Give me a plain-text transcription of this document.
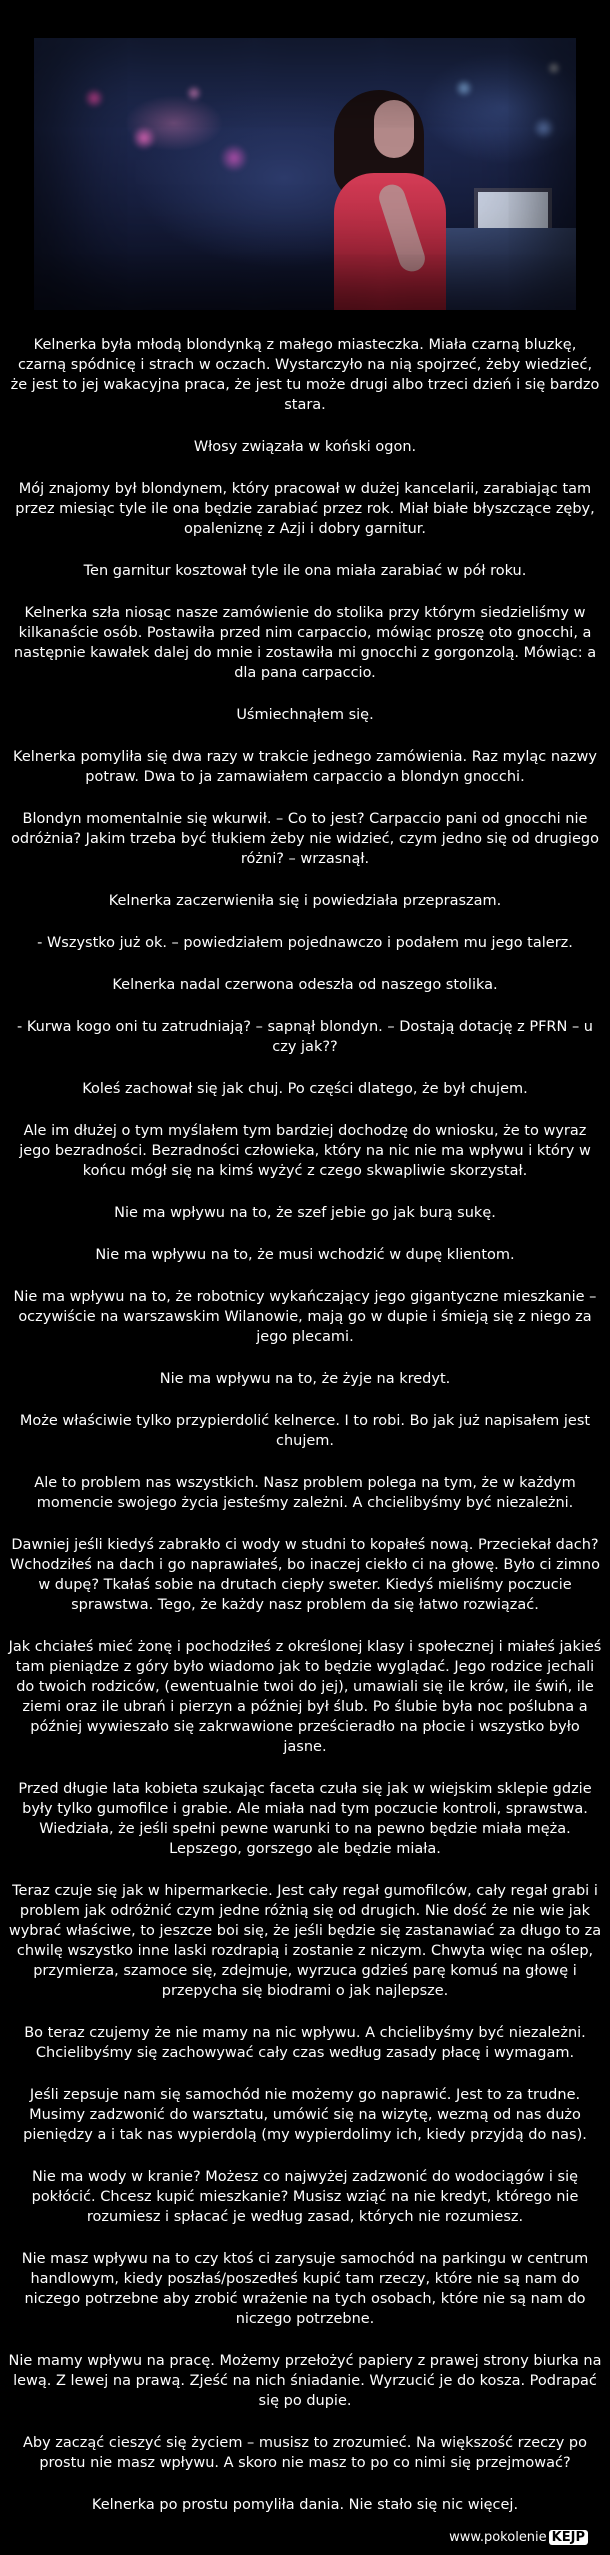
Kelnerka była młodą blondynką z małego miasteczka. Miała czarną bluzkę, czarną spódnicę i strach w oczach. Wystarczyło na nią spojrzeć, żeby wiedzieć, że jest to jej wakacyjna praca, że jest tu może drugi albo trzeci dzień i się bardzo stara.

Włosy związała w koński ogon.

Mój znajomy był blondynem, który pracował w dużej kancelarii, zarabiając tam przez miesiąc tyle ile ona będzie zarabiać przez rok. Miał białe błyszczące zęby, opaleniznę z Azji i dobry garnitur.

Ten garnitur kosztował tyle ile ona miała zarabiać w pół roku.

Kelnerka szła niosąc nasze zamówienie do stolika przy którym siedzieliśmy w kilkanaście osób. Postawiła przed nim carpaccio, mówiąc proszę oto gnocchi, a następnie kawałek dalej do mnie i zostawiła mi gnocchi z gorgonzolą. Mówiąc: a dla pana carpaccio.

Uśmiechnąłem się.

Kelnerka pomyliła się dwa razy w trakcie jednego zamówienia. Raz myląc nazwy potraw. Dwa to ja zamawiałem carpaccio a blondyn gnocchi.

Blondyn momentalnie się wkurwił. – Co to jest? Carpaccio pani od gnocchi nie odróżnia? Jakim trzeba być tłukiem żeby nie widzieć, czym jedno się od drugiego różni? – wrzasnął.

Kelnerka zaczerwieniła się i powiedziała przepraszam.

- Wszystko już ok. – powiedziałem pojednawczo i podałem mu jego talerz.

Kelnerka nadal czerwona odeszła od naszego stolika.

- Kurwa kogo oni tu zatrudniają? – sapnął blondyn. – Dostają dotację z PFRN – u czy jak??

Koleś zachował się jak chuj. Po części dlatego, że był chujem.

Ale im dłużej o tym myślałem tym bardziej dochodzę do wniosku, że to wyraz jego bezradności. Bezradności człowieka, który na nic nie ma wpływu i który w końcu mógł się na kimś wyżyć z czego skwapliwie skorzystał.

Nie ma wpływu na to, że szef jebie go jak burą sukę.

Nie ma wpływu na to, że musi wchodzić w dupę klientom.

Nie ma wpływu na to, że robotnicy wykańczający jego gigantyczne mieszkanie – oczywiście na warszawskim Wilanowie, mają go w dupie i śmieją się z niego za jego plecami.

Nie ma wpływu na to, że żyje na kredyt.

Może właściwie tylko przypierdolić kelnerce. I to robi. Bo jak już napisałem jest chujem.

Ale to problem nas wszystkich. Nasz problem polega na tym, że w każdym momencie swojego życia jesteśmy zależni. A chcielibyśmy być niezależni.

Dawniej jeśli kiedyś zabrakło ci wody w studni to kopałeś nową. Przeciekał dach? Wchodziłeś na dach i go naprawiałeś, bo inaczej ciekło ci na głowę. Było ci zimno w dupę? Tkałaś sobie na drutach ciepły sweter. Kiedyś mieliśmy poczucie sprawstwa. Tego, że każdy nasz problem da się łatwo rozwiązać.

Jak chciałeś mieć żonę i pochodziłeś z określonej klasy i społecznej i miałeś jakieś tam pieniądze z góry było wiadomo jak to będzie wyglądać. Jego rodzice jechali do twoich rodziców, (ewentualnie twoi do jej), umawiali się ile krów, ile świń, ile ziemi oraz ile ubrań i pierzyn a później był ślub. Po ślubie była noc poślubna a później wywieszało się zakrwawione prześcieradło na płocie i wszystko było jasne.

Przed długie lata kobieta szukając faceta czuła się jak w wiejskim sklepie gdzie były tylko gumofilce i grabie. Ale miała nad tym poczucie kontroli, sprawstwa. Wiedziała, że jeśli spełni pewne warunki to na pewno będzie miała męża. Lepszego, gorszego ale będzie miała.

Teraz czuje się jak w hipermarkecie. Jest cały regał gumofilców, cały regał grabi i problem jak odróżnić czym jedne różnią się od drugich. Nie dość że nie wie jak wybrać właściwe, to jeszcze boi się, że jeśli będzie się zastanawiać za długo to za chwilę wszystko inne laski rozdrapią i zostanie z niczym. Chwyta więc na oślep, przymierza, szamoce się, zdejmuje, wyrzuca gdzieś parę komuś na głowę i przepycha się biodrami o jak najlepsze.

Bo teraz czujemy że nie mamy na nic wpływu. A chcielibyśmy być niezależni. Chcielibyśmy się zachowywać cały czas według zasady płacę i wymagam.

Jeśli zepsuje nam się samochód nie możemy go naprawić. Jest to za trudne. Musimy zadzwonić do warsztatu, umówić się na wizytę, wezmą od nas dużo pieniędzy a i tak nas wypierdolą (my wypierdolimy ich, kiedy przyjdą do nas).

Nie ma wody w kranie? Możesz co najwyżej zadzwonić do wodociągów i się pokłócić. Chcesz kupić mieszkanie? Musisz wziąć na nie kredyt, którego nie rozumiesz i spłacać je według zasad, których nie rozumiesz.

Nie masz wpływu na to czy ktoś ci zarysuje samochód na parkingu w centrum handlowym, kiedy poszłaś/poszedłeś kupić tam rzeczy, które nie są nam do niczego potrzebne aby zrobić wrażenie na tych osobach, które nie są nam do niczego potrzebne.

Nie mamy wpływu na pracę. Możemy przełożyć papiery z prawej strony biurka na lewą. Z lewej na prawą. Zjeść na nich śniadanie. Wyrzucić je do kosza. Podrapać się po dupie.

Aby zacząć cieszyć się życiem – musisz to zrozumieć. Na większość rzeczy po prostu nie masz wpływu. A skoro nie masz to po co nimi się przejmować?

Kelnerka po prostu pomyliła dania. Nie stało się nic więcej.

www.pokolenie KEJP
